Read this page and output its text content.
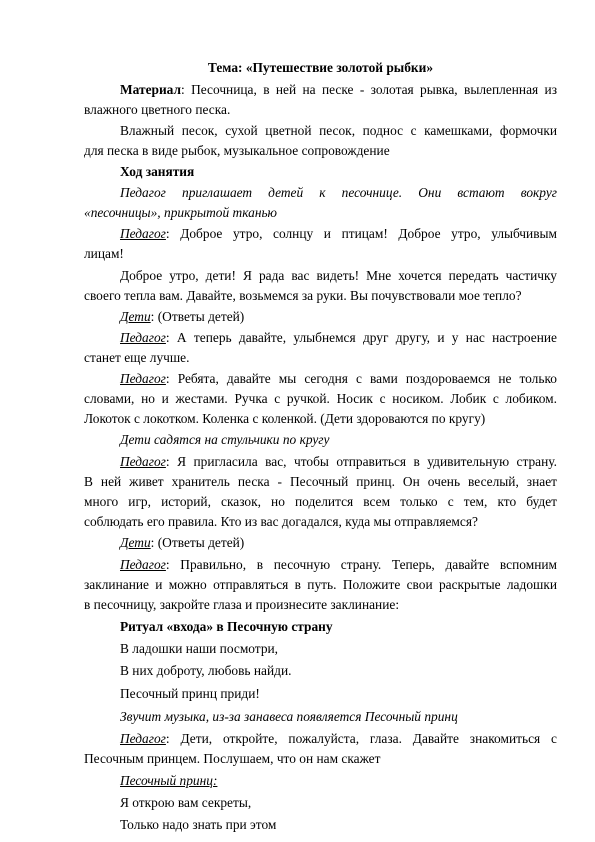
Тема: «Путешествие золотой рыбки»

Материал: Песочница, в ней на песке - золотая рывка, вылепленная из

влажного цветного песка.

Влажный песок, сухой цветной песок, поднос с камешками, формочки

для песка в виде рыбок, музыкальное сопровождение

Ход занятия

Педагог приглашает детей к песочнице. Они встают вокруг

«песочницы», прикрытой тканью

Педагог: Доброе утро, солнцу и птицам! Доброе утро, улыбчивым

лицам!

Доброе утро, дети! Я рада вас видеть! Мне хочется передать частичку

своего тепла вам. Давайте, возьмемся за руки. Вы почувствовали мое тепло?

Дети: (Ответы детей)

Педагог: А теперь давайте, улыбнемся друг другу, и у нас настроение

станет еще лучше.

Педагог: Ребята, давайте мы сегодня с вами поздороваемся не только

словами, но и жестами. Ручка с ручкой. Носик с носиком. Лобик с лобиком.

Локоток с локотком. Коленка с коленкой. (Дети здороваются по кругу)

Дети садятся на стульчики по кругу

Педагог: Я пригласила вас, чтобы отправиться в удивительную страну.

В ней живет хранитель песка - Песочный принц. Он очень веселый, знает

много игр, историй, сказок, но поделится всем только с тем, кто будет

соблюдать его правила. Кто из вас догадался, куда мы отправляемся?

Дети: (Ответы детей)

Педагог: Правильно, в песочную страну. Теперь, давайте вспомним

заклинание и можно отправляться в путь. Положите свои раскрытые ладошки

в песочницу, закройте глаза и произнесите заклинание:

Ритуал «входа» в Песочную страну

В ладошки наши посмотри,

В них доброту, любовь найди.

Песочный принц приди!

Звучит музыка, из-за занавеса появляется Песочный принц

Педагог: Дети, откройте, пожалуйста, глаза. Давайте знакомиться с

Песочным принцем. Послушаем, что он нам скажет

Песочный принц:

Я открою вам секреты,

Только надо знать при этом
